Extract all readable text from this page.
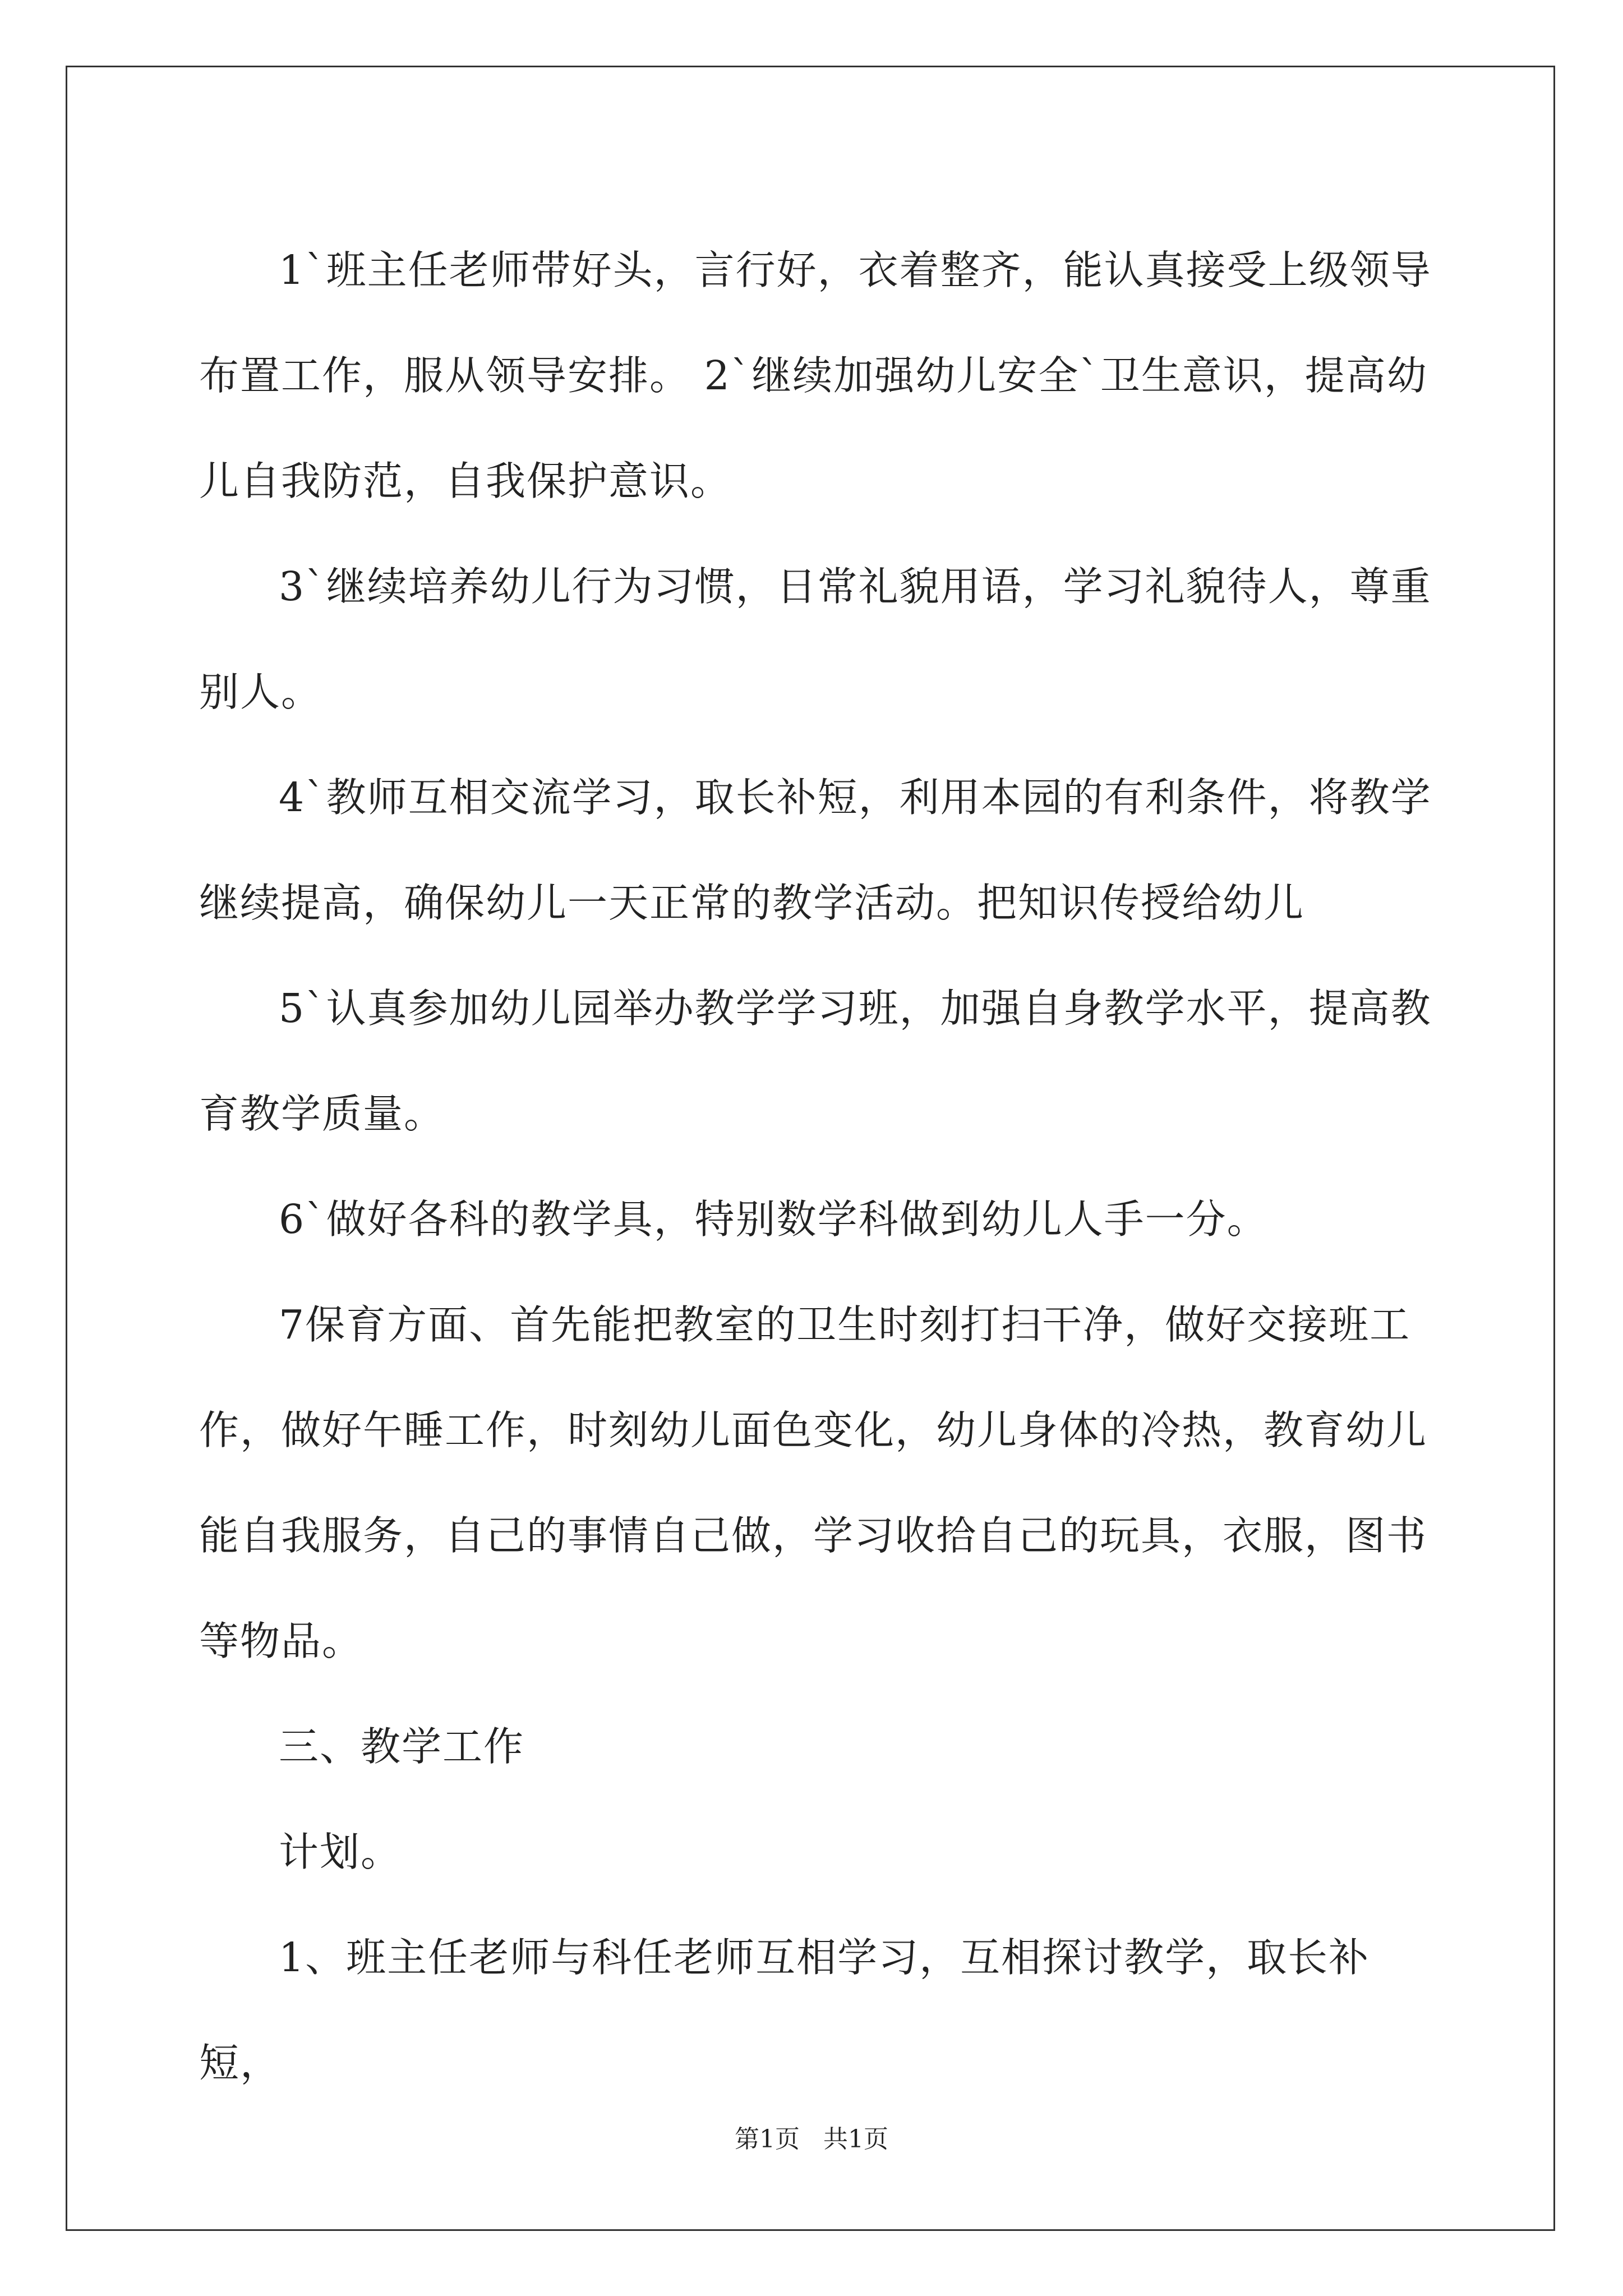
1`班主任老师带好头，言行好，衣着整齐，能认真接受上级领导布置工作，服从领导安排。 2`继续加强幼儿安全`卫生意识，提高幼儿自我防范，自我保护意识。

3`继续培养幼儿行为习惯，日常礼貌用语，学习礼貌待人，尊重别人。

4`教师互相交流学习，取长补短，利用本园的有利条件，将教学继续提高，确保幼儿一天正常的教学活动。把知识传授给幼儿

5`认真参加幼儿园举办教学学习班，加强自身教学水平，提高教育教学质量。

6`做好各科的教学具，特别数学科做到幼儿人手一分。

7保育方面、首先能把教室的卫生时刻打扫干净，做好交接班工作，做好午睡工作，时刻幼儿面色变化，幼儿身体的冷热，教育幼儿能自我服务，自己的事情自己做，学习收拾自己的玩具，衣服，图书等物品。

三、教学工作

计划。

1、班主任老师与科任老师互相学习，互相探讨教学，取长补短，

第1页 共1页
